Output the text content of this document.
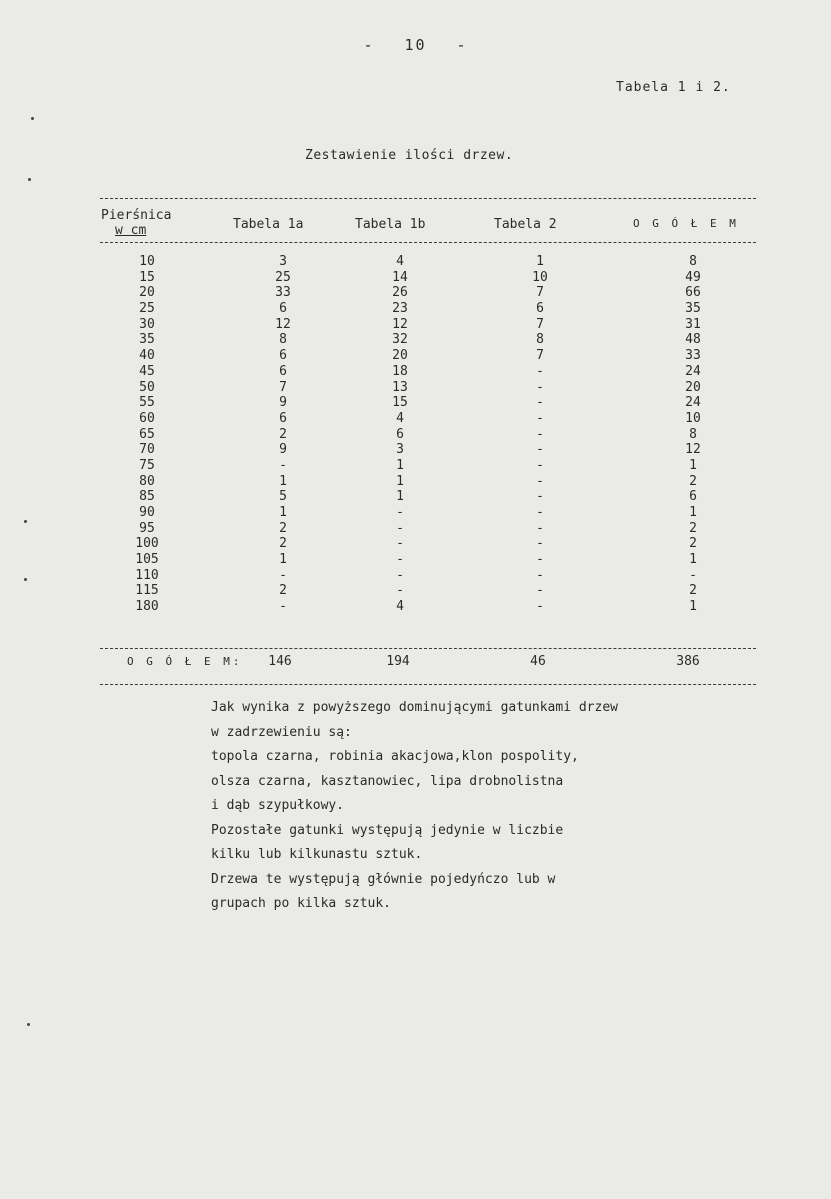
- 10 -
Tabela 1 i 2.
Zestawienie ilości drzew.
Pierśnica
w cm	Tabela 1a	Tabela 1b	Tabela 2	O G Ó Ł E M
10	3	4	1	8
15	25	14	10	49
20	33	26	7	66
25	6	23	6	35
30	12	12	7	31
35	8	32	8	48
40	6	20	7	33
45	6	18	-	24
50	7	13	-	20
55	9	15	-	24
60	6	4	-	10
65	2	6	-	8
70	9	3	-	12
75	-	1	-	1
80	1	1	-	2
85	5	1	-	6
90	1	-	-	1
95	2	-	-	2
100	2	-	-	2
105	1	-	-	1
110	-	-	-	-
115	2	-	-	2
180	-	4	-	1
O G Ó Ł E M:	146	194	46	386
Jak wynika z powyższego dominującymi gatunkami drzew
w zadrzewieniu są:
topola czarna, robinia akacjowa,klon pospolity,
olsza czarna, kasztanowiec, lipa drobnolistna
i dąb szypułkowy.
Pozostałe gatunki występują jedynie w liczbie
kilku lub kilkunastu sztuk.
Drzewa te występują głównie pojedyńczo lub w
grupach po kilka sztuk.
